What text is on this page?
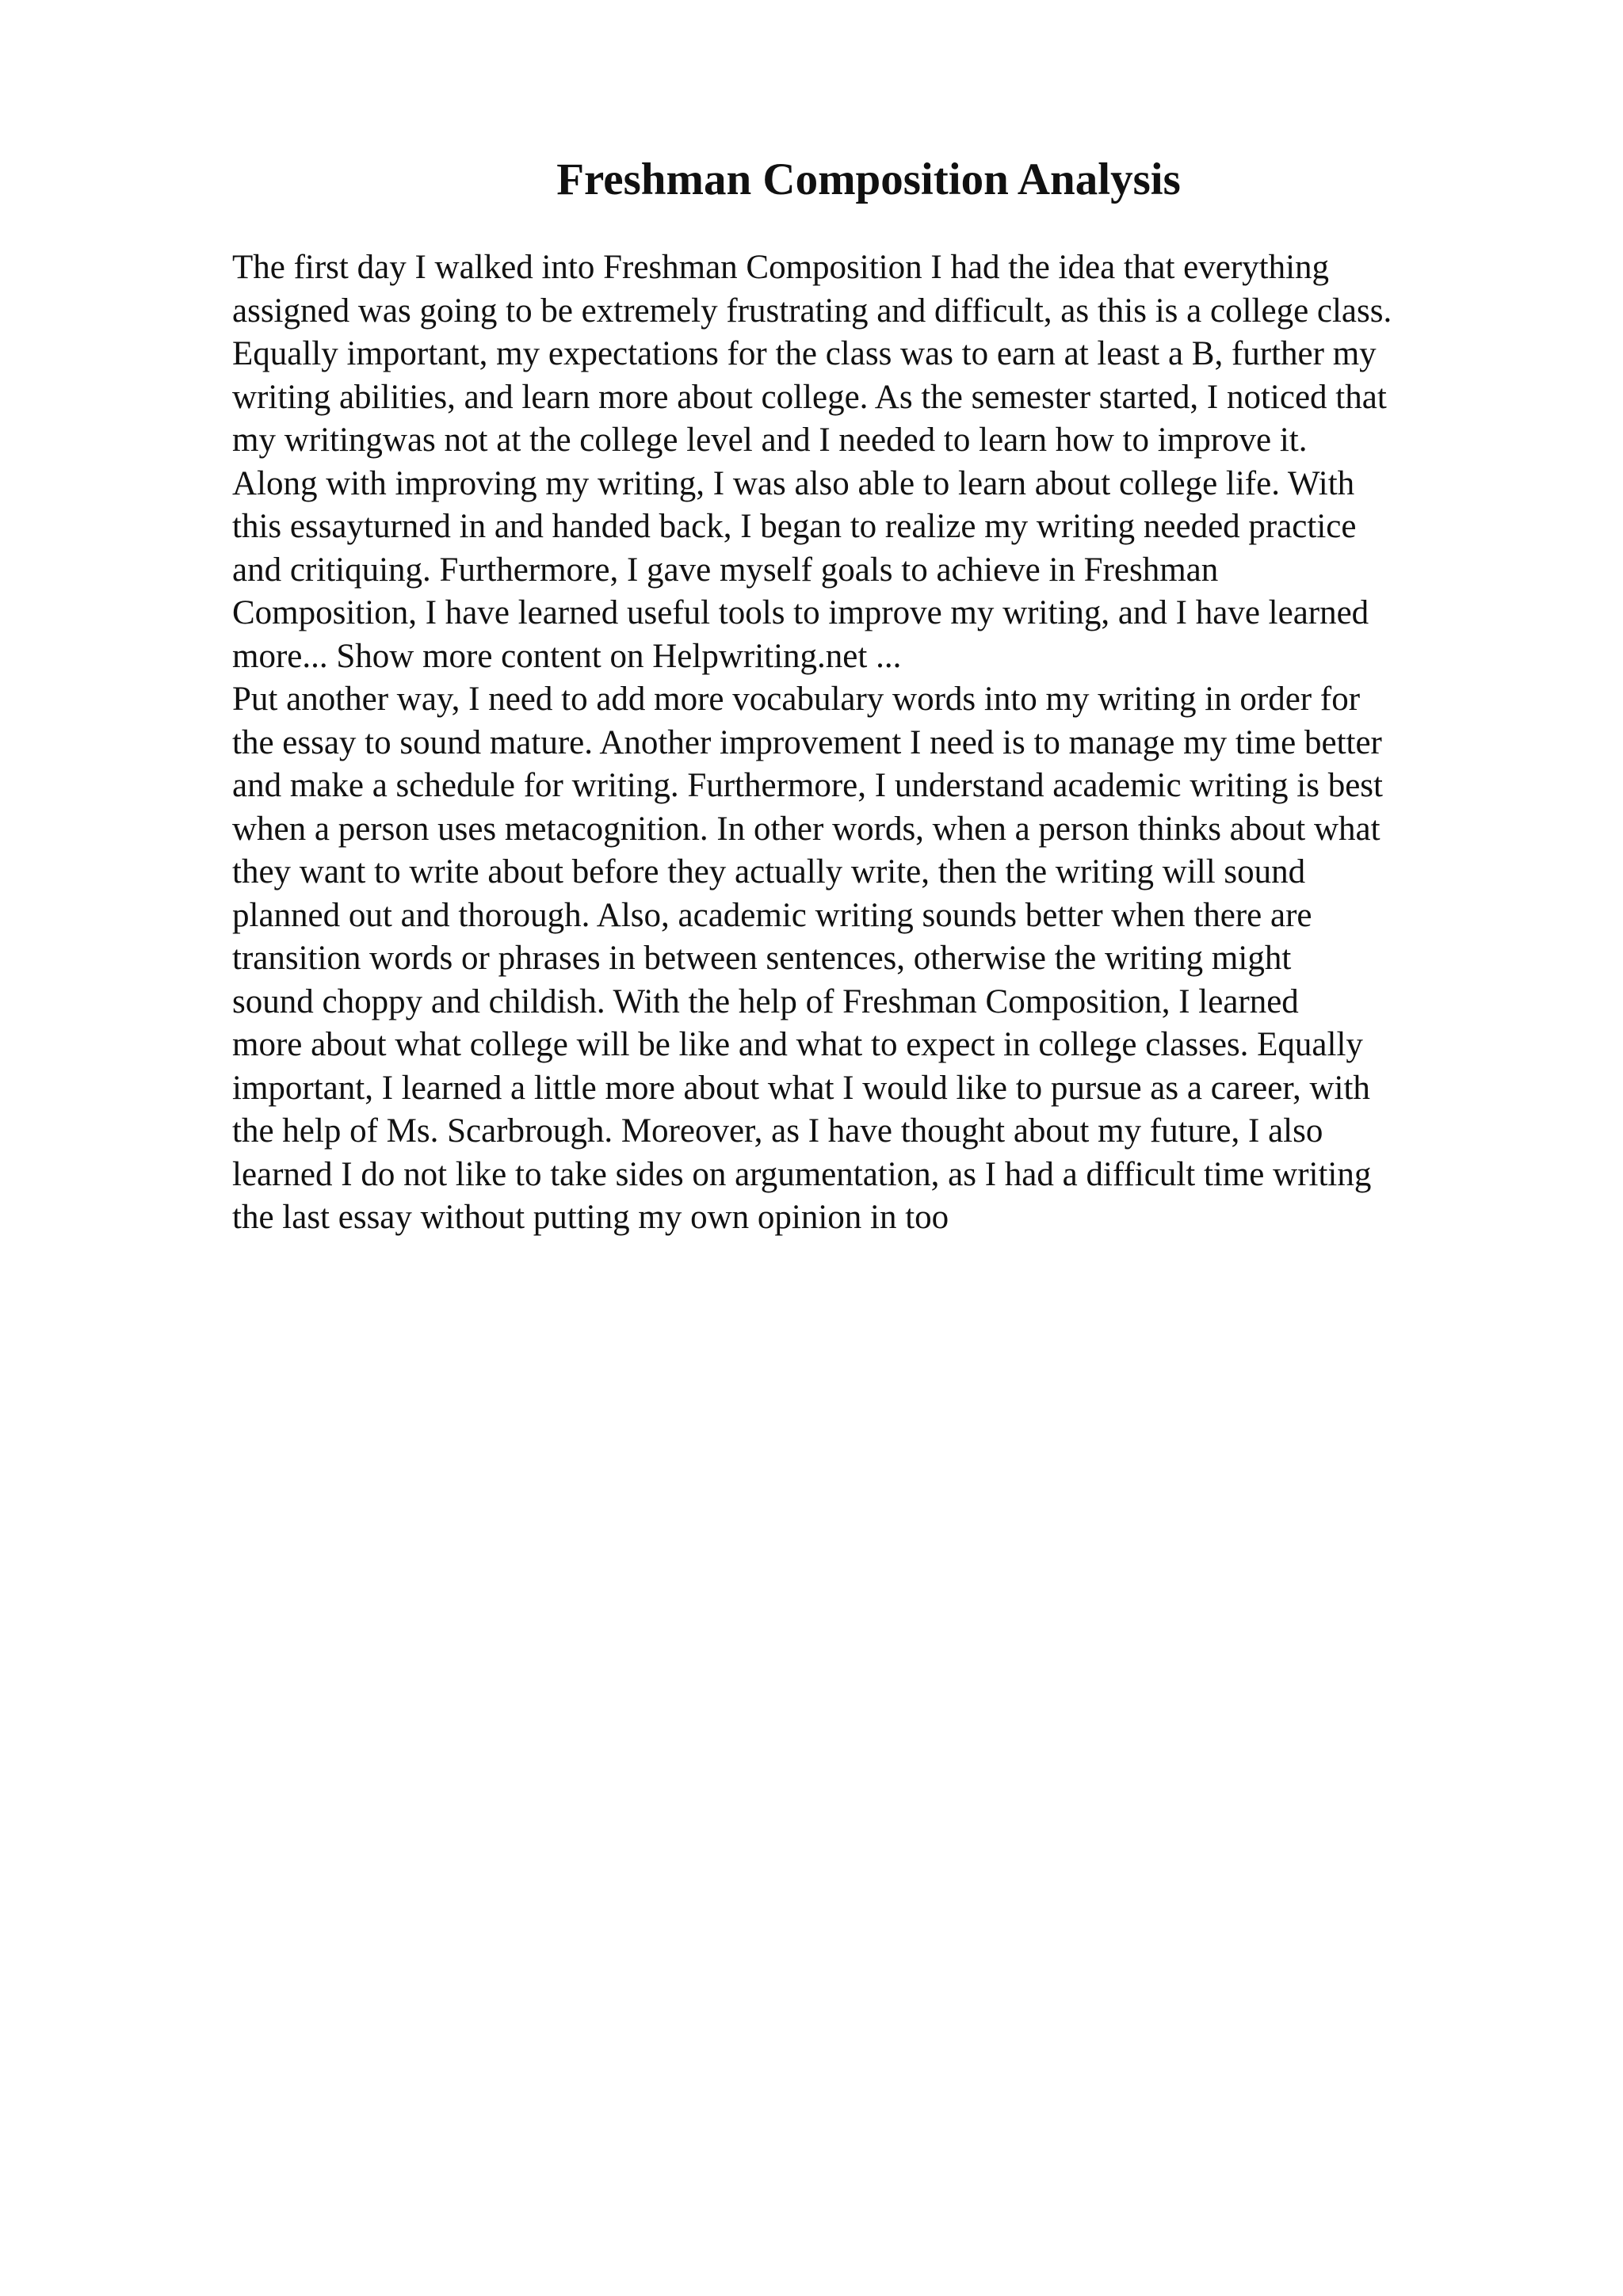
Freshman Composition Analysis
The first day I walked into Freshman Composition I had the idea that everything
assigned was going to be extremely frustrating and difficult, as this is a college class.
Equally important, my expectations for the class was to earn at least a B, further my
writing abilities, and learn more about college. As the semester started, I noticed that
my writingwas not at the college level and I needed to learn how to improve it.
Along with improving my writing, I was also able to learn about college life. With
this essayturned in and handed back, I began to realize my writing needed practice
and critiquing. Furthermore, I gave myself goals to achieve in Freshman
Composition, I have learned useful tools to improve my writing, and I have learned
more... Show more content on Helpwriting.net ...
Put another way, I need to add more vocabulary words into my writing in order for
the essay to sound mature. Another improvement I need is to manage my time better
and make a schedule for writing. Furthermore, I understand academic writing is best
when a person uses metacognition. In other words, when a person thinks about what
they want to write about before they actually write, then the writing will sound
planned out and thorough. Also, academic writing sounds better when there are
transition words or phrases in between sentences, otherwise the writing might
sound choppy and childish. With the help of Freshman Composition, I learned
more about what college will be like and what to expect in college classes. Equally
important, I learned a little more about what I would like to pursue as a career, with
the help of Ms. Scarbrough. Moreover, as I have thought about my future, I also
learned I do not like to take sides on argumentation, as I had a difficult time writing
the last essay without putting my own opinion in too
